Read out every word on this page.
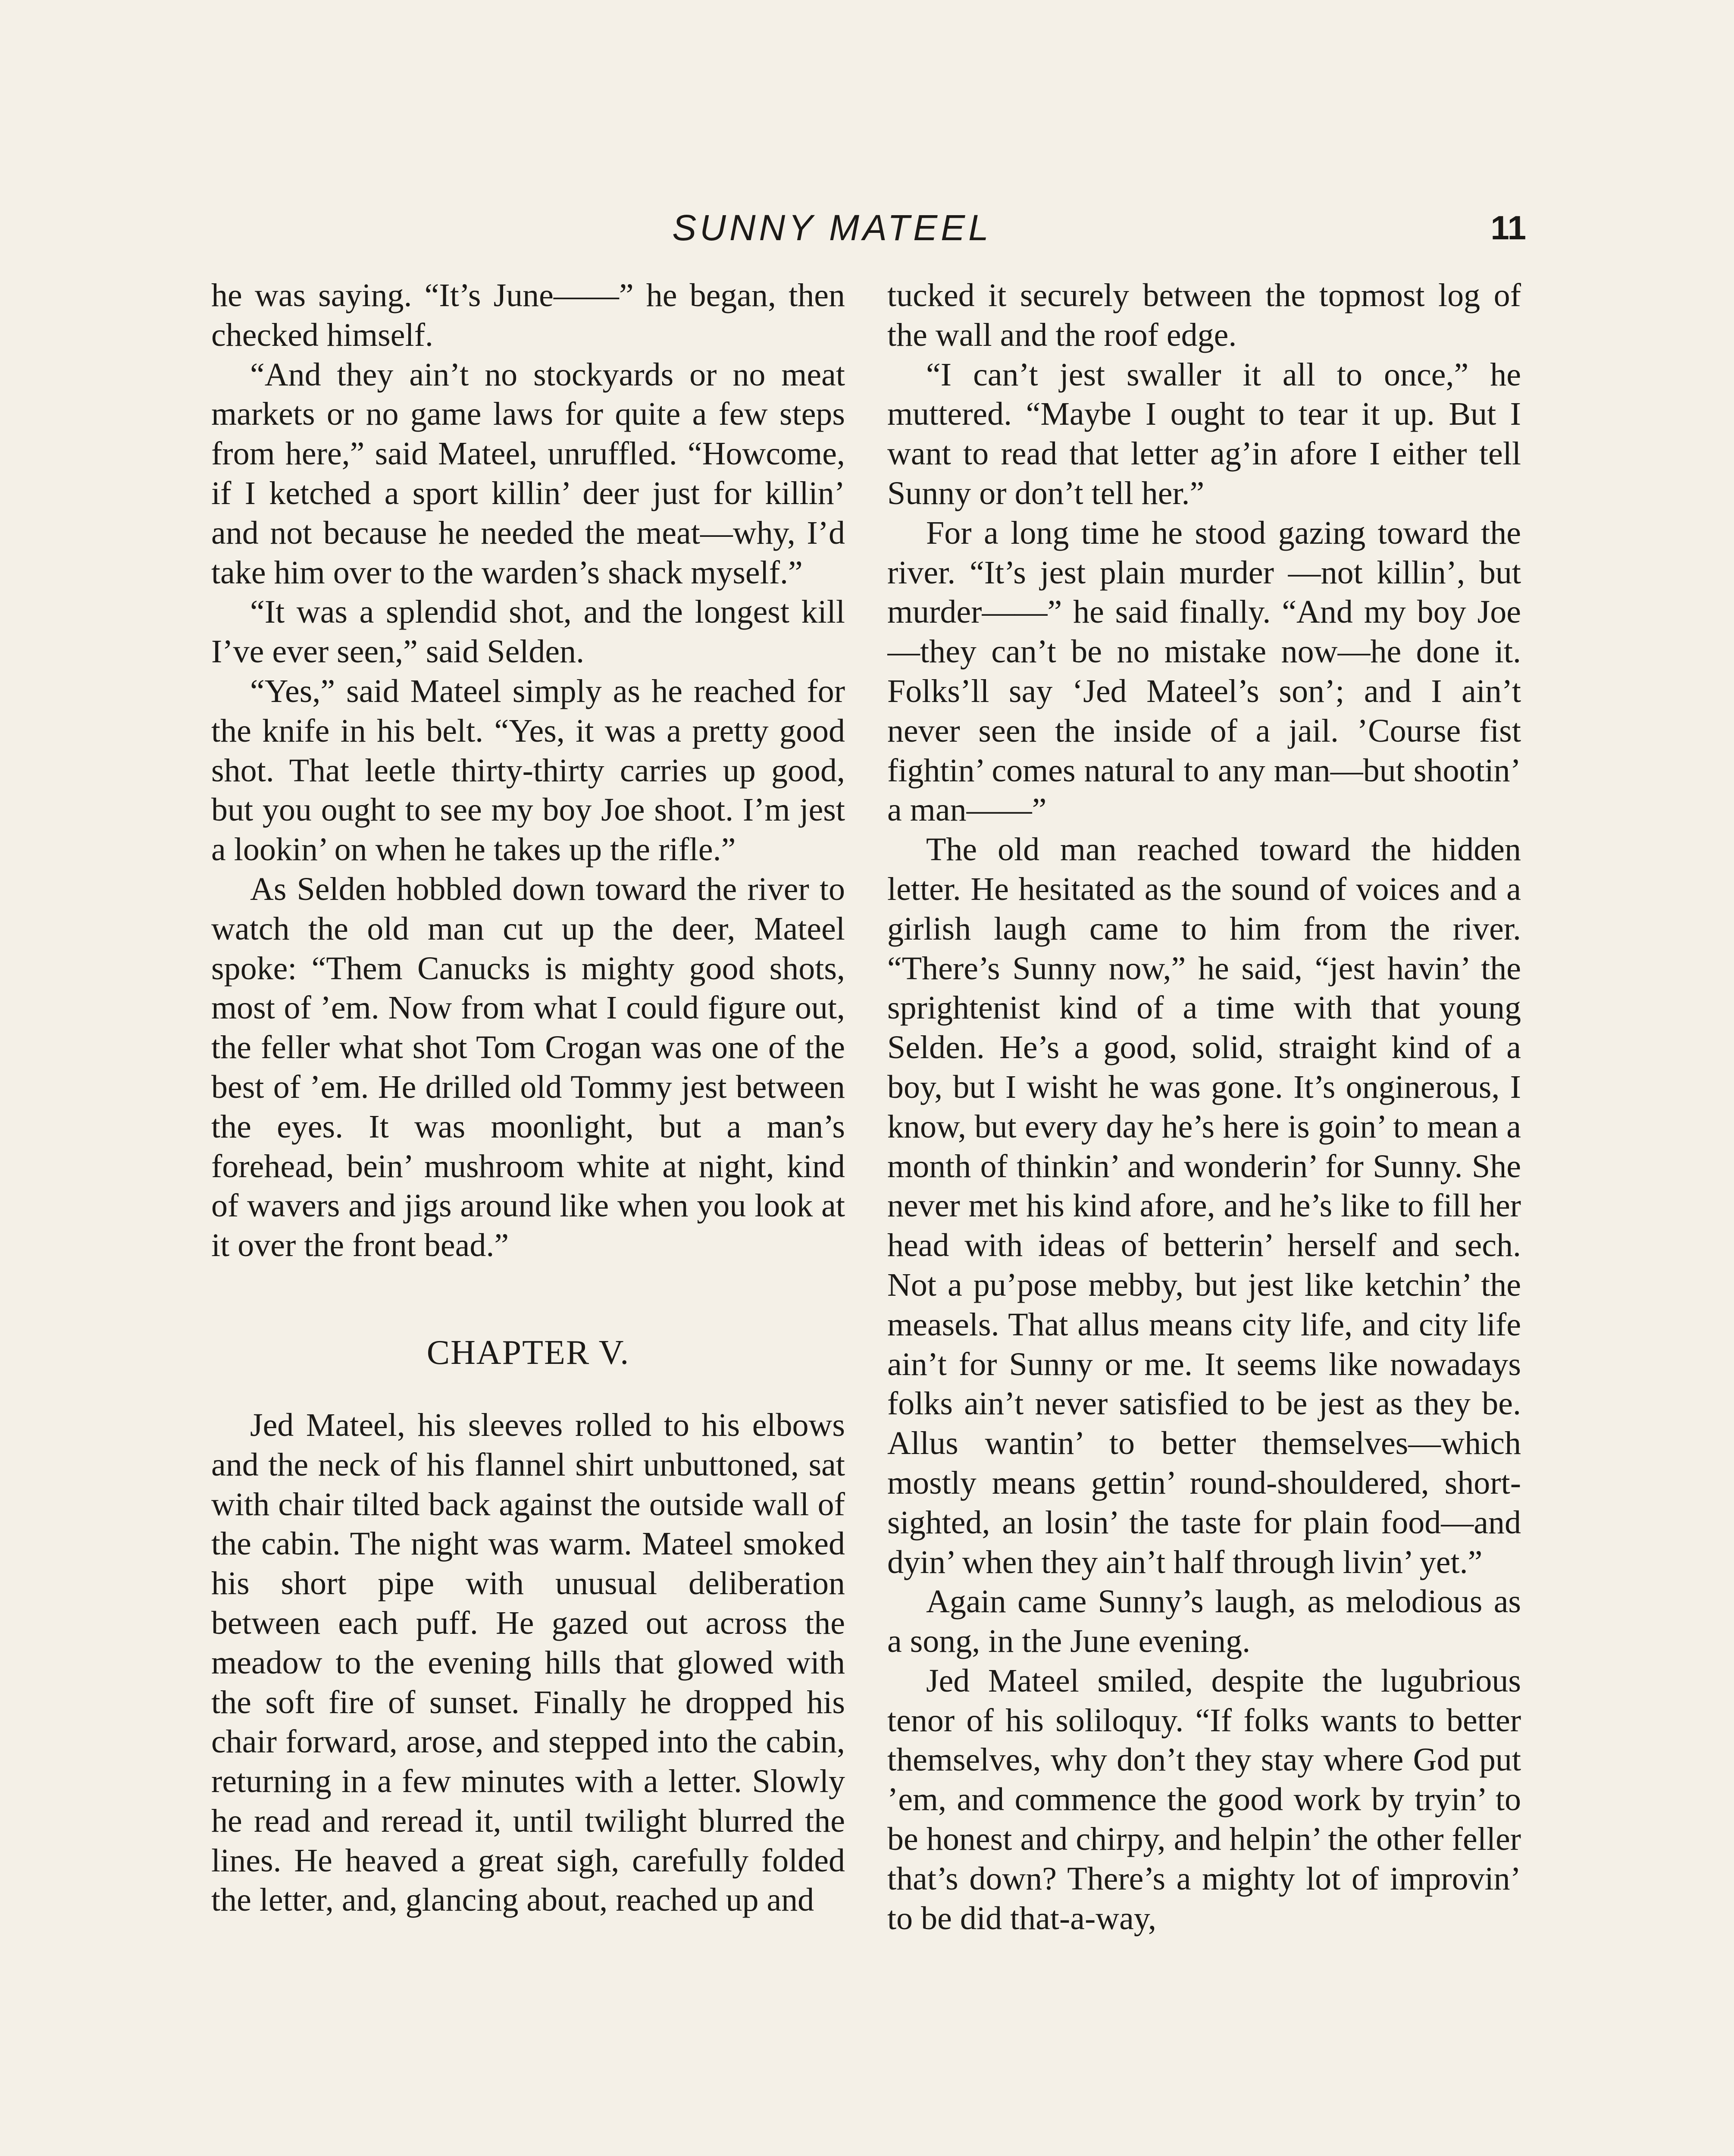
SUNNY MATEEL	11

he was saying. “It’s June——” he began, then checked himself.

“And they ain’t no stockyards or no meat markets or no game laws for quite a few steps from here,” said Mateel, unruffled. “Howcome, if I ketched a sport killin’ deer just for killin’ and not because he needed the meat—why, I’d take him over to the warden’s shack myself.”

“It was a splendid shot, and the longest kill I’ve ever seen,” said Selden.

“Yes,” said Mateel simply as he reached for the knife in his belt. “Yes, it was a pretty good shot. That leetle thirty-thirty carries up good, but you ought to see my boy Joe shoot. I’m jest a lookin’ on when he takes up the rifle.”

As Selden hobbled down toward the river to watch the old man cut up the deer, Mateel spoke: “Them Canucks is mighty good shots, most of ’em. Now from what I could figure out, the feller what shot Tom Crogan was one of the best of ’em. He drilled old Tommy jest between the eyes. It was moonlight, but a man’s forehead, bein’ mushroom white at night, kind of wavers and jigs around like when you look at it over the front bead.”

CHAPTER V.

Jed Mateel, his sleeves rolled to his elbows and the neck of his flannel shirt unbuttoned, sat with chair tilted back against the outside wall of the cabin. The night was warm. Mateel smoked his short pipe with unusual deliberation between each puff. He gazed out across the meadow to the evening hills that glowed with the soft fire of sunset. Finally he dropped his chair forward, arose, and stepped into the cabin, returning in a few minutes with a letter. Slowly he read and reread it, until twilight blurred the lines. He heaved a great sigh, carefully folded the letter, and, glancing about, reached up and

tucked it securely between the topmost log of the wall and the roof edge.

“I can’t jest swaller it all to once,” he muttered. “Maybe I ought to tear it up. But I want to read that letter ag’in afore I either tell Sunny or don’t tell her.”

For a long time he stood gazing toward the river. “It’s jest plain murder —not killin’, but murder——” he said finally. “And my boy Joe—they can’t be no mistake now—he done it. Folks’ll say ‘Jed Mateel’s son’; and I ain’t never seen the inside of a jail. ’Course fist fightin’ comes natural to any man—but shootin’ a man——”

The old man reached toward the hidden letter. He hesitated as the sound of voices and a girlish laugh came to him from the river. “There’s Sunny now,” he said, “jest havin’ the sprightenist kind of a time with that young Selden. He’s a good, solid, straight kind of a boy, but I wisht he was gone. It’s onginerous, I know, but every day he’s here is goin’ to mean a month of thinkin’ and wonderin’ for Sunny. She never met his kind afore, and he’s like to fill her head with ideas of betterin’ herself and sech. Not a pu’pose mebby, but jest like ketchin’ the measels. That allus means city life, and city life ain’t for Sunny or me. It seems like nowadays folks ain’t never satisfied to be jest as they be. Allus wantin’ to better themselves—which mostly means gettin’ round-shouldered, short-sighted, an losin’ the taste for plain food—and dyin’ when they ain’t half through livin’ yet.”

Again came Sunny’s laugh, as melodious as a song, in the June evening.

Jed Mateel smiled, despite the lugubrious tenor of his soliloquy. “If folks wants to better themselves, why don’t they stay where God put ’em, and commence the good work by tryin’ to be honest and chirpy, and helpin’ the other feller that’s down? There’s a mighty lot of improvin’ to be did that-a-way,
